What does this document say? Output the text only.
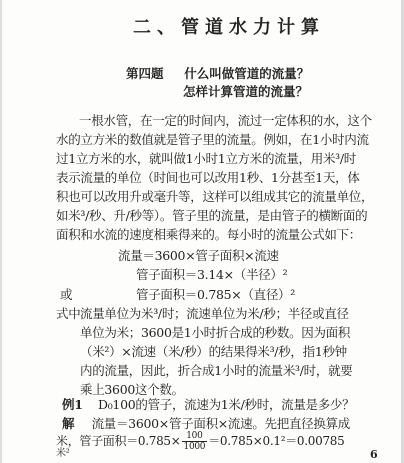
二、管道水力计算
第四题 什么叫做管道的流量？
怎样计算管道的流量？
一根水管，在一定的时间内，流过一定体积的水，这个
水的立方米的数值就是管子里的流量。例如，在1小时内流
过1立方米的水，就叫做1小时1立方米的流量，用米³/时
表示流量的单位（时间也可以改用1秒、1分甚至1天，体
积也可以改用升或毫升等，这样可以组成其它的流量单位，
如米³/秒、升/秒等）。管子里的流量，是由管子的横断面的
面积和水流的速度相乘得来的。每小时的流量公式如下：
流量＝3600×管子面积×流速
管子面积＝3.14×（半径）²
或	管子面积＝0.785×（直径）²
式中 流量单位为米³/时；流速单位为米/秒；半径或直径
单位为米；3600是1小时折合成的秒数。因为面积
（米²）×流速（米/秒）的结果得米³/秒，指1秒钟
内的流量，因此，折合成1小时的流量米³/时，就要
乘上3600这个数。
例1 D₀100的管子，流速为1米/秒时，流量是多少？
解 流量＝3600×管子面积×流速。先把直径换算成
米，管子面积$=0.785\times \frac{100}{1000} =0.785\times 0.1^2=0.00785$
米²	6
